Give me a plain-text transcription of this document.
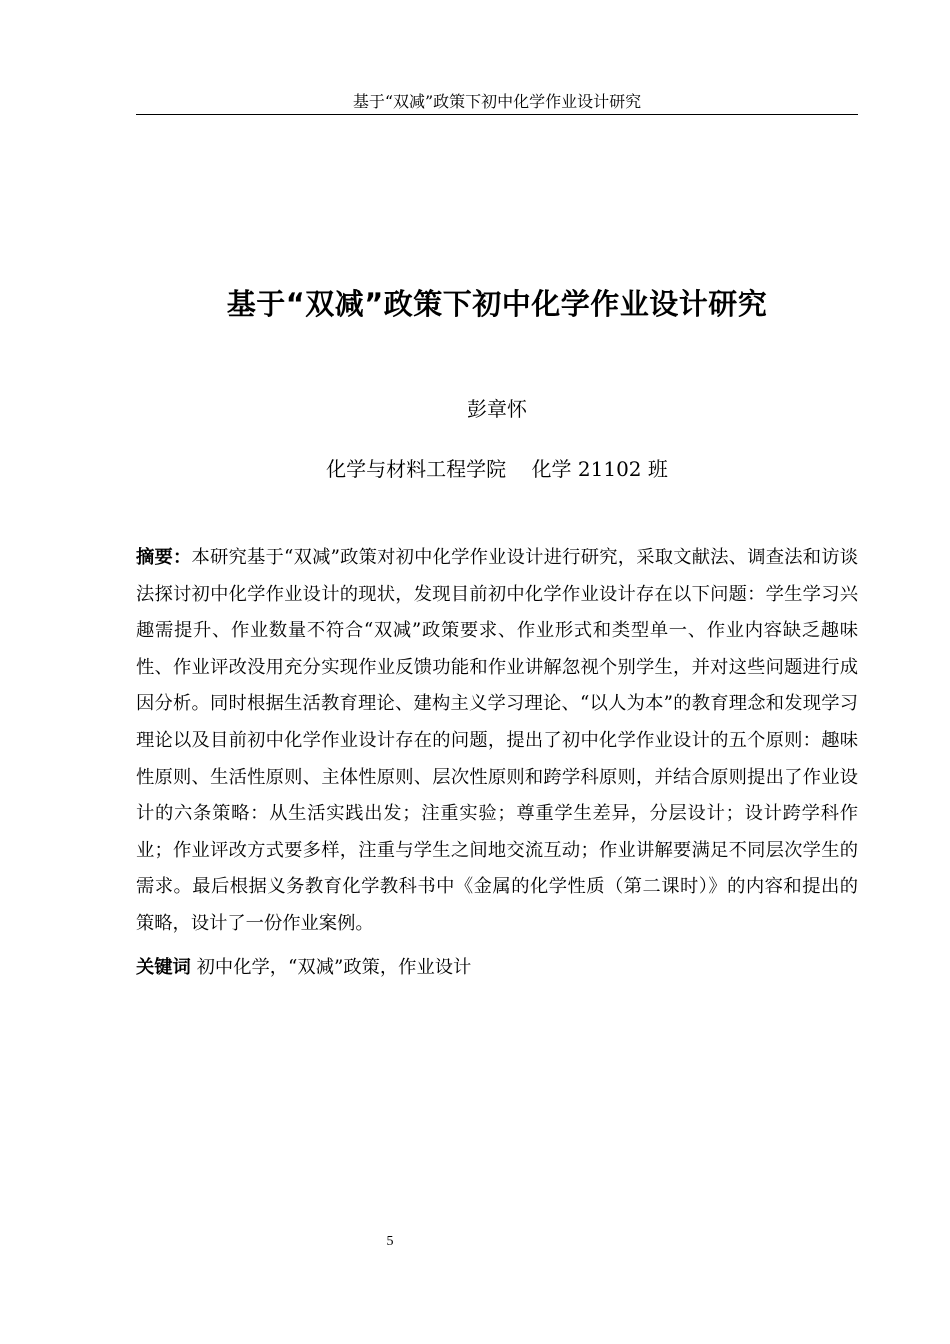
基于“双减”政策下初中化学作业设计研究
基于“双减”政策下初中化学作业设计研究
彭章怀
化学与材料工程学院 化学 21102 班
摘要：本研究基于“双减”政策对初中化学作业设计进行研究，采取文献法、调查法和访谈法探讨初中化学作业设计的现状，发现目前初中化学作业设计存在以下问题：学生学习兴趣需提升、作业数量不符合“双减”政策要求、作业形式和类型单一、作业内容缺乏趣味性、作业评改没用充分实现作业反馈功能和作业讲解忽视个别学生，并对这些问题进行成因分析。同时根据生活教育理论、建构主义学习理论、“以人为本”的教育理念和发现学习理论以及目前初中化学作业设计存在的问题，提出了初中化学作业设计的五个原则：趣味性原则、生活性原则、主体性原则、层次性原则和跨学科原则，并结合原则提出了作业设计的六条策略：从生活实践出发；注重实验；尊重学生差异，分层设计；设计跨学科作业；作业评改方式要多样，注重与学生之间地交流互动；作业讲解要满足不同层次学生的需求。最后根据义务教育化学教科书中《金属的化学性质（第二课时）》的内容和提出的策略，设计了一份作业案例。
关键词 初中化学，“双减”政策，作业设计
5
